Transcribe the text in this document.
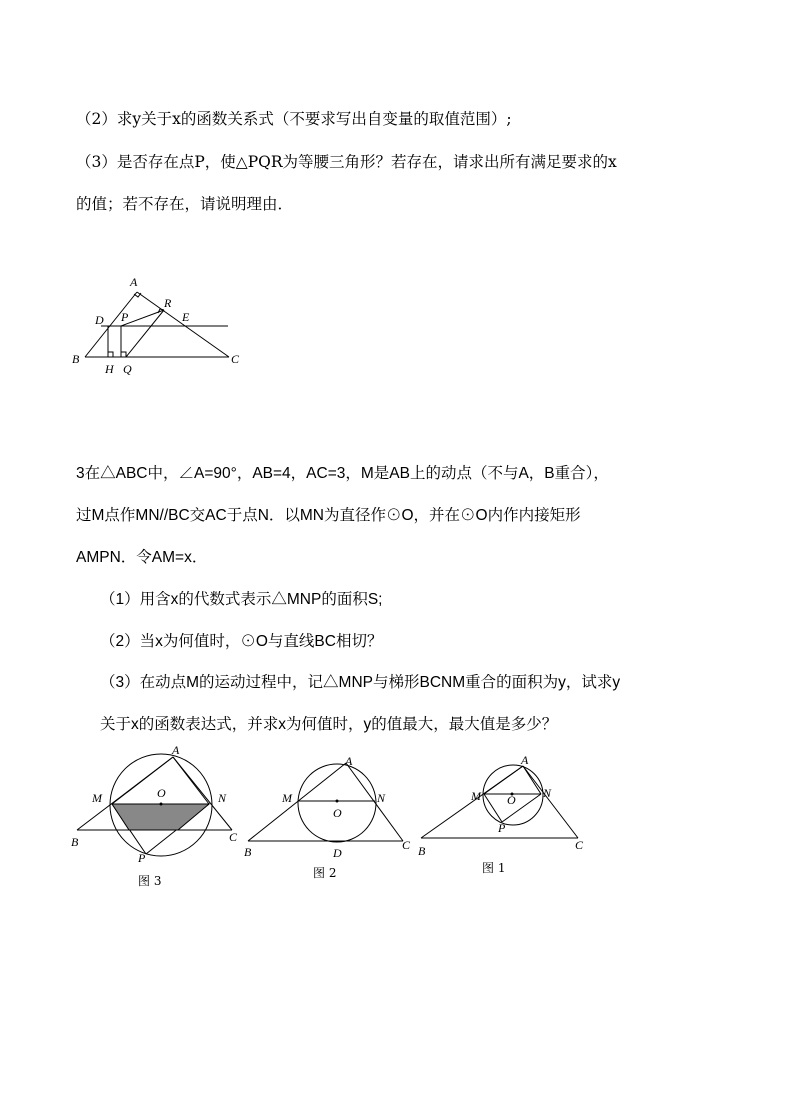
（2）求y关于x的函数关系式（不要求写出自变量的取值范围）;
（3）是否存在点P，使△PQR为等腰三角形？若存在，请求出所有满足要求的x
的值；若不存在，请说明理由．
A
R
D P	E
B	C
H Q
3在△ABC中，∠A=90°，AB=4，AC=3，M是AB上的动点（不与A，B重合），
过M点作MN//BC交AC于点N．以MN为直径作⊙O，并在⊙O内作内接矩形
AMPN．令AM=x．
（1）用含x的代数式表示△MNP的面积S;
（2）当x为何值时，⊙O与直线BC相切？
（3）在动点M的运动过程中，记△MNP与梯形BCNM重合的面积为y，试求y
关于x的函数表达式，并求x为何值时，y的值最大，最大值是多少？
A
M	N
O
B	C
P
图 3
A
M	N
O
B	C
D
图 2
A
M	N
O
B	C
P
图 1
